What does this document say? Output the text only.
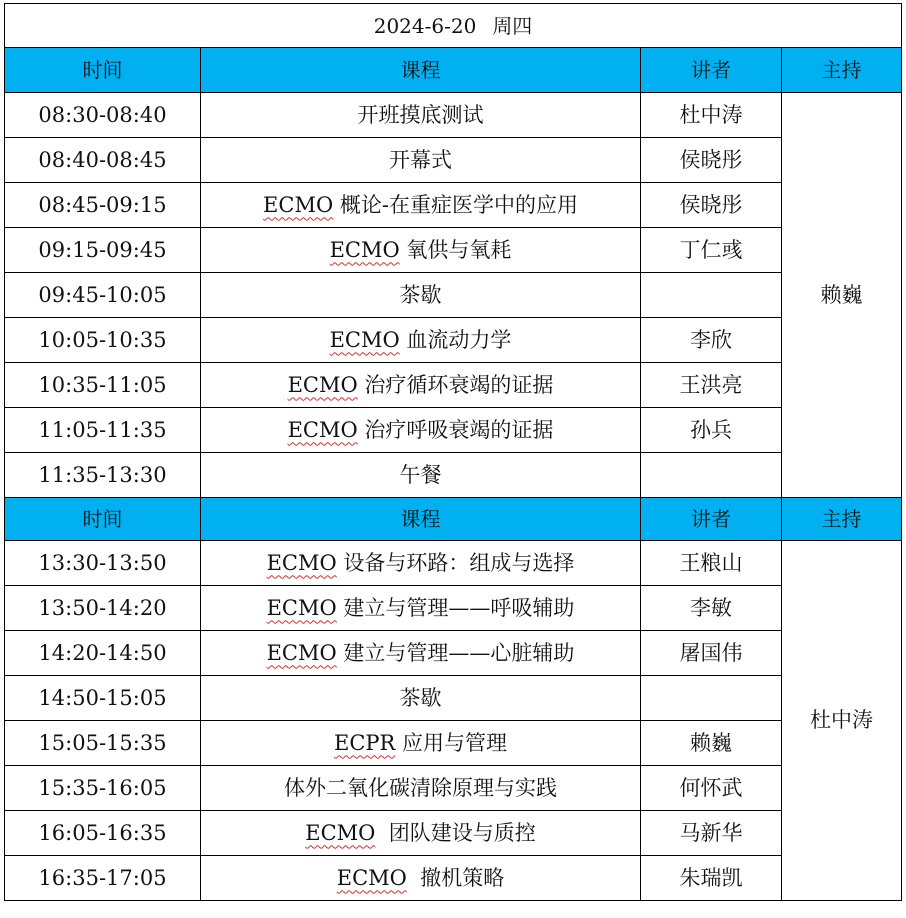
2024-6-20 周四			

时间	课程	讲者	主持
08:30-08:40	开班摸底测试	杜中涛	赖巍
08:40-08:45	开幕式	侯晓彤	
08:45-09:15	ECMO 概论-在重症医学中的应用	侯晓彤	
09:15-09:45	ECMO 氧供与氧耗	丁仁彧	
09:45-10:05	茶歇		
10:05-10:35	ECMO 血流动力学	李欣	
10:35-11:05	ECMO 治疗循环衰竭的证据	王洪亮	
11:05-11:35	ECMO 治疗呼吸衰竭的证据	孙兵	
11:35-13:30	午餐		
时间	课程	讲者	主持
13:30-13:50	ECMO 设备与环路：组成与选择	王粮山	杜中涛
13:50-14:20	ECMO 建立与管理——呼吸辅助	李敏	
14:20-14:50	ECMO 建立与管理——心脏辅助	屠国伟	
14:50-15:05	茶歇		
15:05-15:35	ECPR 应用与管理	赖巍	
15:35-16:05	体外二氧化碳清除原理与实践	何怀武	
16:05-16:35	ECMO  团队建设与质控	马新华	
16:35-17:05	ECMO  撤机策略	朱瑞凯	
